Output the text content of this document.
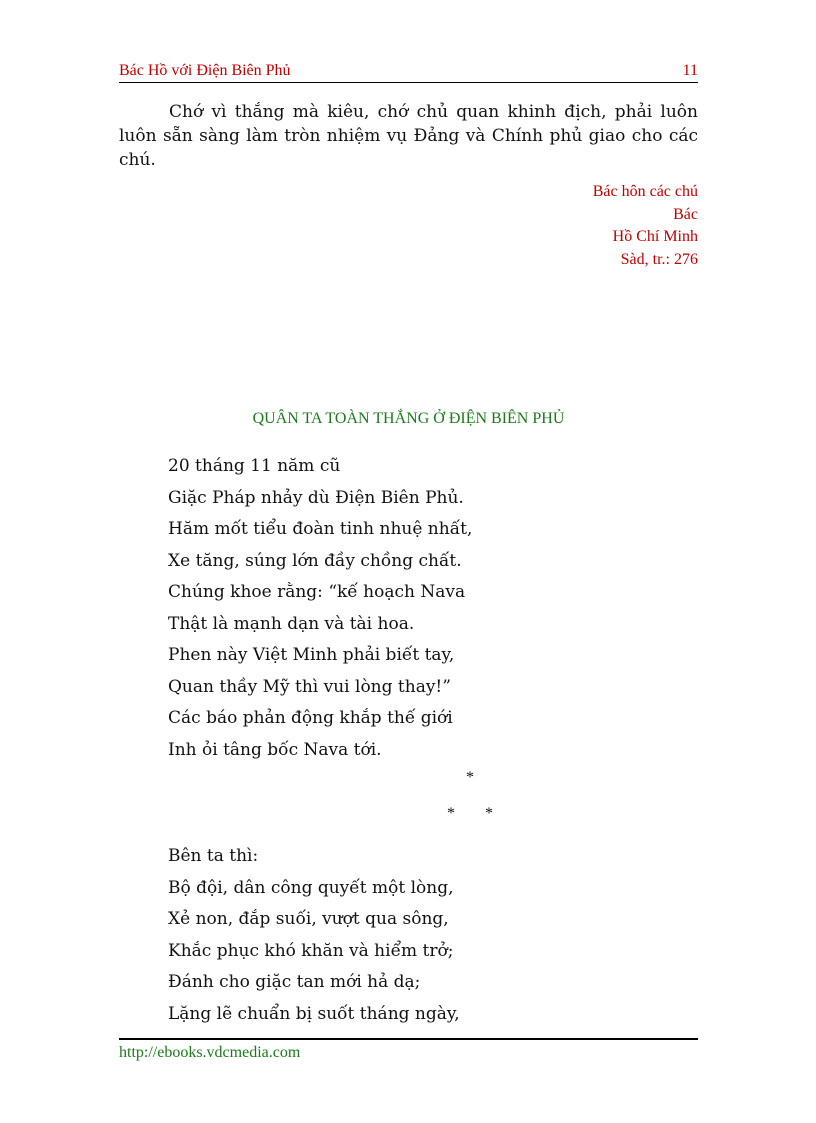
Bác Hồ với Điện Biên Phủ	11

Chớ vì thắng mà kiêu, chớ chủ quan khinh địch, phải luôn luôn sẵn sàng làm tròn nhiệm vụ Đảng và Chính phủ giao cho các chú.

Bác hôn các chú
Bác
Hồ Chí Minh
Sàd, tr.: 276
QUÂN TA TOÀN THẮNG Ở ĐIỆN BIÊN PHỦ
20 tháng 11 năm cũ
Giặc Pháp nhảy dù Điện Biên Phủ.
Hăm mốt tiểu đoàn tinh nhuệ nhất,
Xe tăng, súng lớn đầy chồng chất.
Chúng khoe rằng: “kế hoạch Nava
Thật là mạnh dạn và tài hoa.
Phen này Việt Minh phải biết tay,
Quan thầy Mỹ thì vui lòng thay!”
Các báo phản động khắp thế giới
Inh ỏi tâng bốc Nava tới.
*
* *
Bên ta thì:
Bộ đội, dân công quyết một lòng,
Xẻ non, đắp suối, vượt qua sông,
Khắc phục khó khăn và hiểm trở;
Đánh cho giặc tan mới hả dạ;
Lặng lẽ chuẩn bị suốt tháng ngày,
http://ebooks.vdcmedia.com
